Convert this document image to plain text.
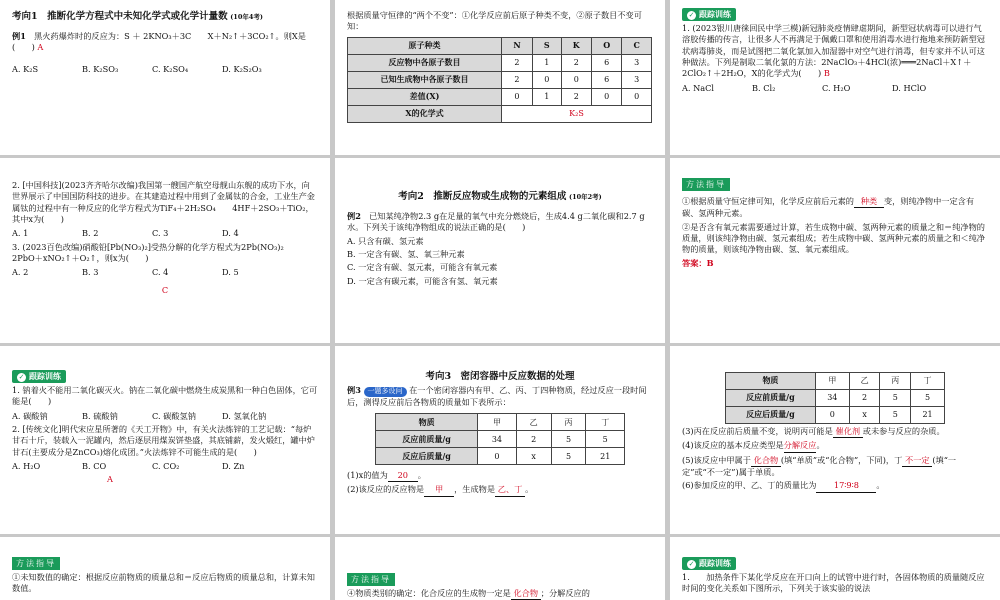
考向1　推断化学方程式中未知化学式或化学计量数 (10年4考)

例1　 黑火药爆炸时的反应为：S ＋ 2KNO₃＋3C　　X＋N₂↑＋3CO₂↑。则X是(　　) A

A. K₂S	B. K₂SO₃	C. K₂SO₄	D. K₂S₂O₃

根据质量守恒律的“两个不变”：①化学反应前后原子种类不变，②原子数目不变可知：

原子种类	N	S	K	O	C
反应物中各原子数目	2	1	2	6	3
已知生成物中各原子数目	2	0	0	6	3
差值(X)	0	1	2	0	0
X的化学式	K₂S				
✓ 跟踪训练

1. (2023银川唐徕回民中学三模)新冠肺炎疫情肆虐期间，新型冠状病毒可以进行气溶胶传播的传言，让很多人不再满足于佩戴口罩和使用消毒水进行拖地来预防新型冠状病毒肺炎，而是试图把二氧化氯加入加湿器中对空气进行消毒，但专家并不认可这种做法。下列是制取二氧化氯的方法：2NaClO₃＋4HCl(浓)═══2NaCl＋X↑＋2ClO₂↑＋2H₂O，X的化学式为(　　) B

A. NaCl	B. Cl₂	C. H₂O	D. HClO

2. [中国科技](2023齐齐哈尔改编)我国第一艘国产航空母舰山东舰的成功下水，向世界展示了中国国防科技的进步。在其建造过程中用到了金属钛的合金，工业生产金属钛的过程中有一种反应的化学方程式为TiF₄＋2H₂SO₄　　4HF＋2SO₃＋TiO₂，其中x为(　　)

A. 1	B. 2	C. 3	D. 4

3. (2023百色改编)硝酸铅[Pb(NO₃)₂]受热分解的化学方程式为2Pb(NO₃)₂　　2PbO＋xNO₂↑＋O₂↑，则x为(　　)

A. 2	B. 3	C. 4	D. 5

C

考向2　推断反应物或生成物的元素组成 (10年2考)

例2　 已知某纯净物2.3 g在足量的氧气中充分燃烧后，生成4.4 g二氧化碳和2.7 g水。下列关于该纯净物组成的说法正确的是(　　)

A. 只含有碳、氢元素

B. 一定含有碳、氢、氧三种元素

C. 一定含有碳、氢元素，可能含有氧元素

D. 一定含有碳元素，可能含有氢、氧元素

方法指导

①根据质量守恒定律可知，化学反应前后元素的 种类 变，则纯净物中一定含有碳、氢两种元素。

②是否含有氧元素需要通过计算，若生成物中碳、氢两种元素的质量之和＝纯净物的质量，则该纯净物由碳、氢元素组成；若生成物中碳、氢两种元素的质量之和＜纯净物的质量，则该纯净物由碳、氢、氧元素组成。

答案：B

✓ 跟踪训练

1. 钠着火不能用二氧化碳灭火。钠在二氧化碳中燃烧生成炭黑和一种白色固体，它可能是(　　)

A. 碳酸钠	B. 硫酸钠	C. 碳酸氢钠	D. 氢氧化钠

2. [传统文化]明代宋应星所著的《天工开物》中，有关火法炼锌的工艺记载：“每炉甘石十斤，装载入一泥罐内，然后逐层用煤炭饼垫盛，其底铺薪，发火煅红，罐中炉甘石(主要成分是ZnCO₃)熔化成团。”火法炼锌不可能生成的是(　　)

A. H₂O	B. CO	C. CO₂	D. Zn

A

考向3　密闭容器中反应数据的处理

例3 一题多设问 在一个密闭容器内有甲、乙、丙、丁四种物质，经过反应一段时间后，测得反应前后各物质的质量如下表所示：

物质	甲	乙	丙	丁
反应前质量/g	34	2	5	5
反应后质量/g	0	x	5	21

(1)x的值为 20 。

(2)该反应的反应物是 甲 ，生成物是 乙、丁 。

物质	甲	乙	丙	丁
反应前质量/g	34	2	5	5
反应后质量/g	0	x	5	21

(3)丙在反应前后质量不变，说明丙可能是 催化剂 或未参与反应的杂质。

(4)该反应的基本反应类型是分解反应。

(5)该反应中甲属于 化合物 (填“单质”或“化合物”，下同)，丁 不一定 (填“一定”或“不一定”)属于单质。

(6)参加反应的甲、乙、丁的质量比为 17∶9∶8 。

方法指导

①未知数值的确定：根据反应前物质的质量总和＝反应后物质的质量总和，计算未知数值。

方法指导

④物质类别的确定：化合反应的生成物一定是 化合物 ；分解反应的

✓ 跟踪训练

1.　　加热条件下某化学反应在开口向上的试管中进行时，各固体物质的质量随反应时间的变化关系如下图所示，下列关于该实验的说法
